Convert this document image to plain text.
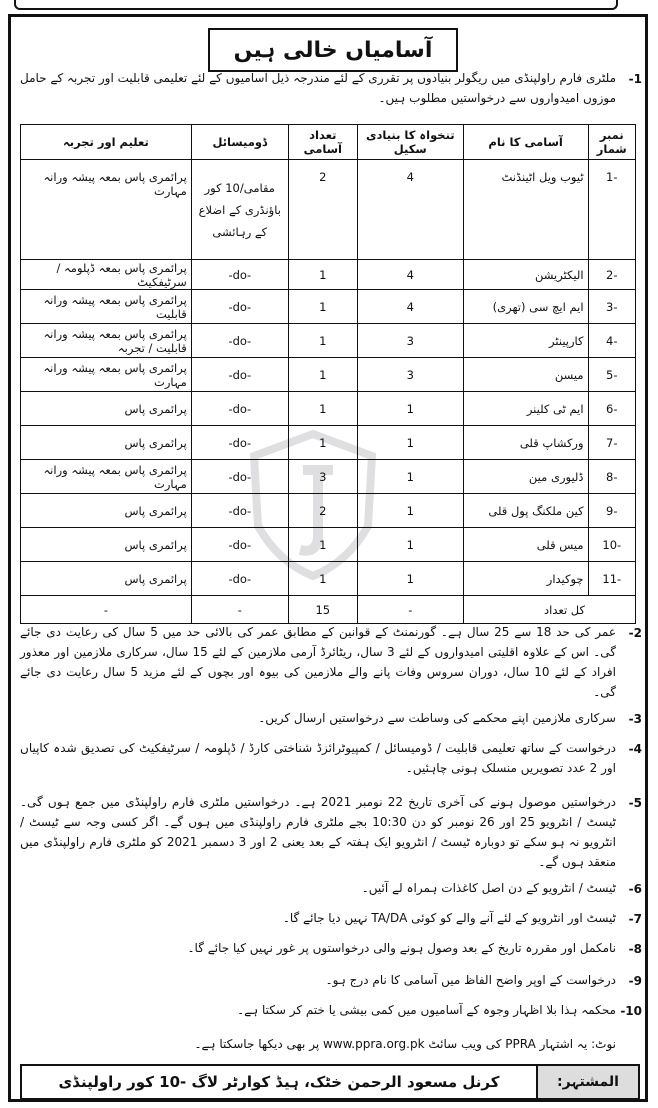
آسامیاں خالی ہیں
-1
ملٹری فارم راولپنڈی میں ریگولر بنیادوں پر تقرری کے لئے مندرجہ ذیل آسامیوں کے لئے تعلیمی قابلیت اور تجربہ کے حامل موزوں امیدواروں سے درخواستیں مطلوب ہیں۔
نمبر شمار	آسامی کا نام	تنخواہ کا بنیادی سکیل	تعداد آسامی	ڈومیسائل	تعلیم اور تجربہ
-1	ٹیوب ویل اٹینڈنٹ	4	2	مقامی/10 کور باؤنڈری کے اضلاع کے رہائشی	پرائمری پاس بمعہ پیشہ ورانہ مہارت
-2	الیکٹریشن	4	1	-do-	پرائمری پاس بمعہ ڈپلومہ / سرٹیفکیٹ
-3	ایم ایچ سی (تھری)	4	1	-do-	پرائمری پاس بمعہ پیشہ ورانہ قابلیت
-4	کارپینٹر	3	1	-do-	پرائمری پاس بمعہ پیشہ ورانہ قابلیت / تجربہ
-5	میسن	3	1	-do-	پرائمری پاس بمعہ پیشہ ورانہ مہارت
-6	ایم ٹی کلینر	1	1	-do-	پرائمری پاس
-7	ورکشاپ قلی	1	1	-do-	پرائمری پاس
-8	ڈلیوری مین	1	3	-do-	پرائمری پاس بمعہ پیشہ ورانہ مہارت
-9	کین ملکنگ پول قلی	1	2	-do-	پرائمری پاس
-10	میس قلی	1	1	-do-	پرائمری پاس
-11	چوکیدار	1	1	-do-	پرائمری پاس
کل تعداد		-	15	-	-
-2
عمر کی حد 18 سے 25 سال ہے۔ گورنمنٹ کے قوانین کے مطابق عمر کی بالائی حد میں 5 سال کی رعایت دی جائے گی۔ اس کے علاوہ اقلیتی امیدواروں کے لئے 3 سال، ریٹائرڈ آرمی ملازمین کے لئے 15 سال، سرکاری ملازمین اور معذور افراد کے لئے 10 سال، دوران سروس وفات پانے والے ملازمین کی بیوہ اور بچوں کے لئے مزید 5 سال رعایت دی جائے گی۔
-3
سرکاری ملازمین اپنے محکمے کی وساطت سے درخواستیں ارسال کریں۔
-4
درخواست کے ساتھ تعلیمی قابلیت / ڈومیسائل / کمپیوٹرائزڈ شناختی کارڈ / ڈپلومہ / سرٹیفکیٹ کی تصدیق شدہ کاپیاں اور 2 عدد تصویریں منسلک ہونی چاہئیں۔
-5
درخواستیں موصول ہونے کی آخری تاریخ 22 نومبر 2021 ہے۔ درخواستیں ملٹری فارم راولپنڈی میں جمع ہوں گی۔ ٹیسٹ / انٹرویو 25 اور 26 نومبر کو دن 10:30 بجے ملٹری فارم راولپنڈی میں ہوں گے۔ اگر کسی وجہ سے ٹیسٹ / انٹرویو نہ ہو سکے تو دوبارہ ٹیسٹ / انٹرویو ایک ہفتہ کے بعد یعنی 2 اور 3 دسمبر 2021 کو ملٹری فارم راولپنڈی میں منعقد ہوں گے۔
-6
ٹیسٹ / انٹرویو کے دن اصل کاغذات ہمراہ لے آئیں۔
-7
ٹیسٹ اور انٹرویو کے لئے آنے والے کو کوئی TA/DA نہیں دیا جائے گا۔
-8
نامکمل اور مقررہ تاریخ کے بعد وصول ہونے والی درخواستوں پر غور نہیں کیا جائے گا۔
-9
درخواست کے اوپر واضح الفاظ میں آسامی کا نام درج ہو۔
-10
محکمہ ہذا بلا اظہار وجوہ کے آسامیوں میں کمی بیشی یا ختم کر سکتا ہے۔
نوٹ: یہ اشتہار PPRA کی ویب سائٹ www.ppra.org.pk پر بھی دیکھا جاسکتا ہے۔
المشتہر:
کرنل مسعود الرحمن خٹک، ہیڈ کوارٹر لاگ -10 کور راولپنڈی
